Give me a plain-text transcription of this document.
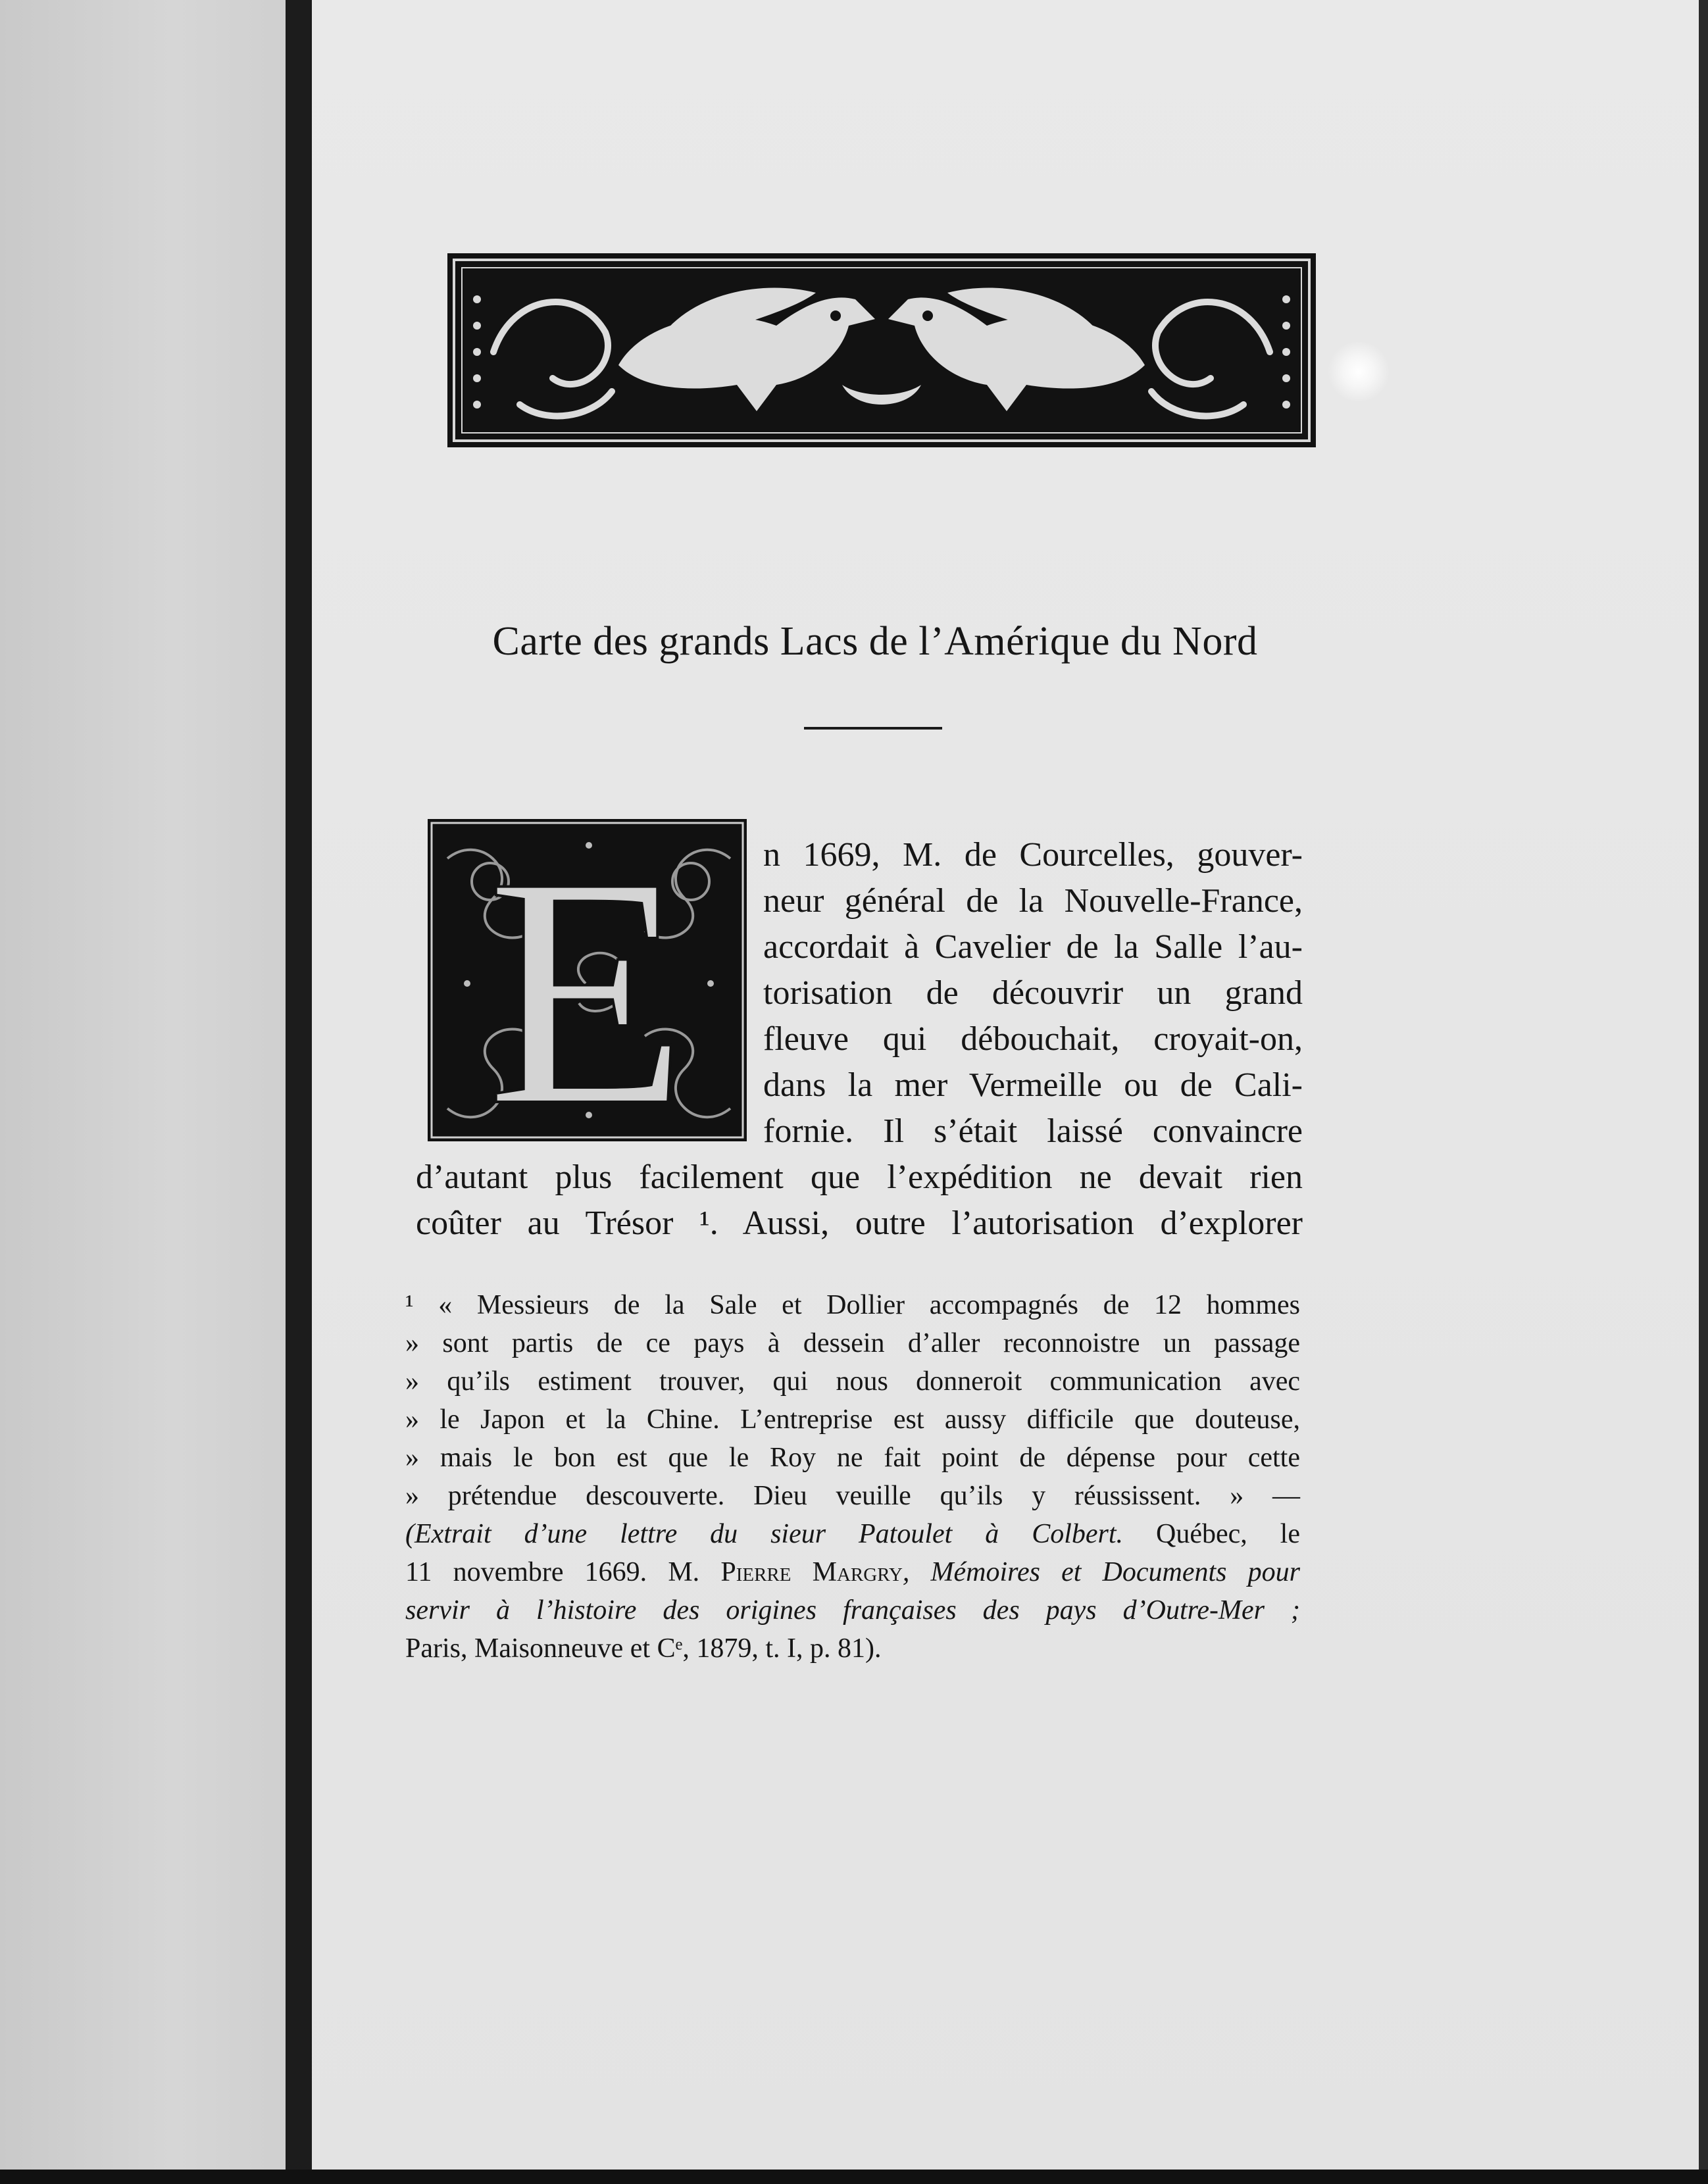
Carte des grands Lacs de l’Amérique du Nord
E n 1669, M. de Courcelles, gouver-
neur général de la Nouvelle-France,
accordait à Cavelier de la Salle l’au-
torisation de découvrir un grand
fleuve qui débouchait, croyait-on,
dans la mer Vermeille ou de Cali-
fornie. Il s’était laissé convaincre
d’autant plus facilement que l’expédition ne devait rien
coûter au Trésor ¹. Aussi, outre l’autorisation d’explorer
¹ « Messieurs de la Sale et Dollier accompagnés de 12 hommes
» sont partis de ce pays à dessein d’aller reconnoistre un passage
» qu’ils estiment trouver, qui nous donneroit communication avec
» le Japon et la Chine. L’entreprise est aussy difficile que douteuse,
» mais le bon est que le Roy ne fait point de dépense pour cette
» prétendue descouverte. Dieu veuille qu’ils y réussissent. » —
(Extrait d’une lettre du sieur Patoulet à Colbert. Québec, le
11 novembre 1669. M. Pierre Margry, Mémoires et Documents pour
servir à l’histoire des origines françaises des pays d’Outre-Mer ;
Paris, Maisonneuve et Cᵉ, 1879, t. I, p. 81).
